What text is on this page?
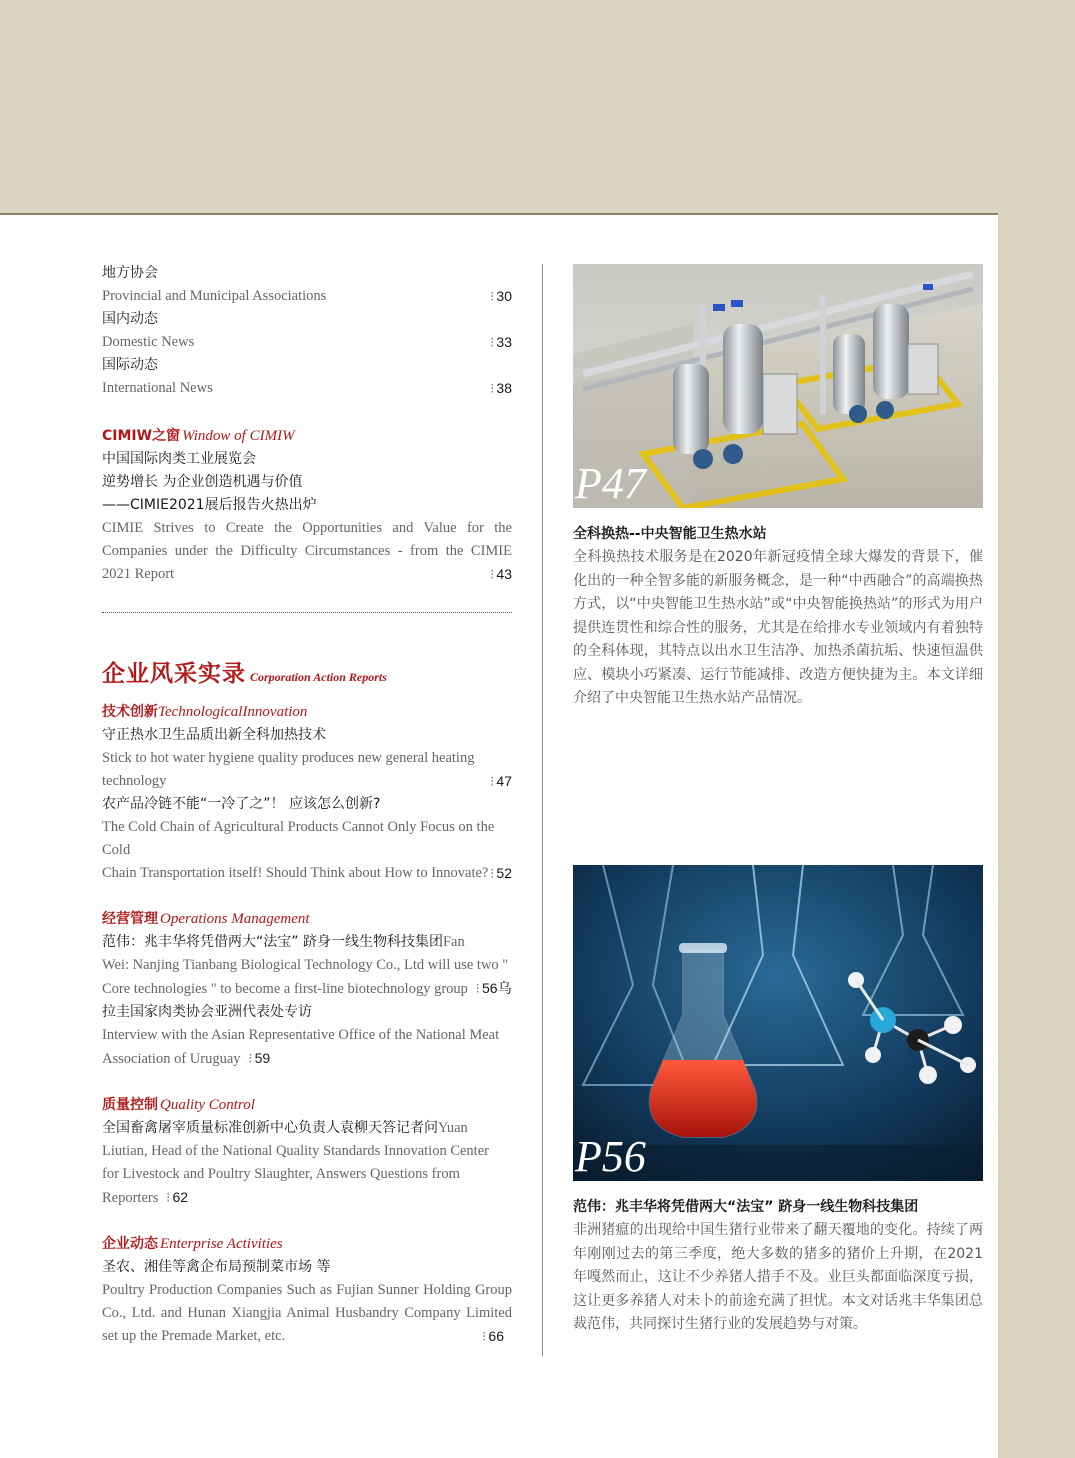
地方协会
Provincial and Municipal Associations	⁝ 30
国内动态
Domestic News	⁝ 33
国际动态
International News	⁝ 38
CIMIW之窗 Window of CIMIW
中国国际肉类工业展览会
逆势增长 为企业创造机遇与价值
——CIMIE2021展后报告火热出炉
CIMIE Strives to Create the Opportunities and Value for the
Companies under the Difficulty Circumstances - from the CIMIE
2021 Report	⁝ 43
企业风采实录 Corporation Action Reports
技术创新TechnologicalInnovation
守正热水卫生品质出新全科加热技术
Stick to hot water hygiene quality produces new general heating
technology	⁝ 47
农产品冷链不能“一冷了之”！ 应该怎么创新?
The Cold Chain of Agricultural Products Cannot Only Focus on the Cold
Chain Transportation itself! Should Think about How to Innovate? ⁝ 52
经营管理 Operations Management
范伟：兆丰华将凭借两大“法宝” 跻身一线生物科技集团Fan
Wei: Nanjing Tianbang Biological Technology Co., Ltd will use two "
Core technologies " to become a first-line biotechnology group ⁝ 56乌
拉圭国家肉类协会亚洲代表处专访
Interview with the Asian Representative Office of the National Meat
Association of Uruguay ⁝ 59
质量控制 Quality Control
全国畜禽屠宰质量标准创新中心负责人袁柳天答记者问Yuan
Liutian, Head of the National Quality Standards Innovation Center
for Livestock and Poultry Slaughter, Answers Questions from
Reporters ⁝ 62
企业动态 Enterprise Activities
圣农、湘佳等禽企布局预制菜市场 等
Poultry Production Companies Such as Fujian Sunner Holding Group
Co., Ltd. and Hunan Xiangjia Animal Husbandry Company Limited
set up the Premade Market, etc.	⁝ 66
P47
全科换热--中央智能卫生热水站
全科换热技术服务是在2020年新冠疫情全球大爆发的背景下，催化出的一种全智多能的新服务概念，是一种“中西融合”的高端换热方式，以“中央智能卫生热水站”或“中央智能换热站”的形式为用户提供连贯性和综合性的服务，尤其是在给排水专业领域内有着独特的全科体现，其特点以出水卫生洁净、加热杀菌抗垢、快速恒温供应、模块小巧紧凑、运行节能减排、改造方便快捷为主。本文详细介绍了中央智能卫生热水站产品情况。
P56
范伟：兆丰华将凭借两大“法宝” 跻身一线生物科技集团
非洲猪瘟的出现给中国生猪行业带来了翻天覆地的变化。持续了两年刚刚过去的第三季度，绝大多数的猪多的猪价上升期，在2021年嘎然而止，这让不少养猪人措手不及。业巨头都面临深度亏损，这让更多养猪人对未卜的前途充满了担忧。本文对话兆丰华集团总裁范伟，共同探讨生猪行业的发展趋势与对策。
